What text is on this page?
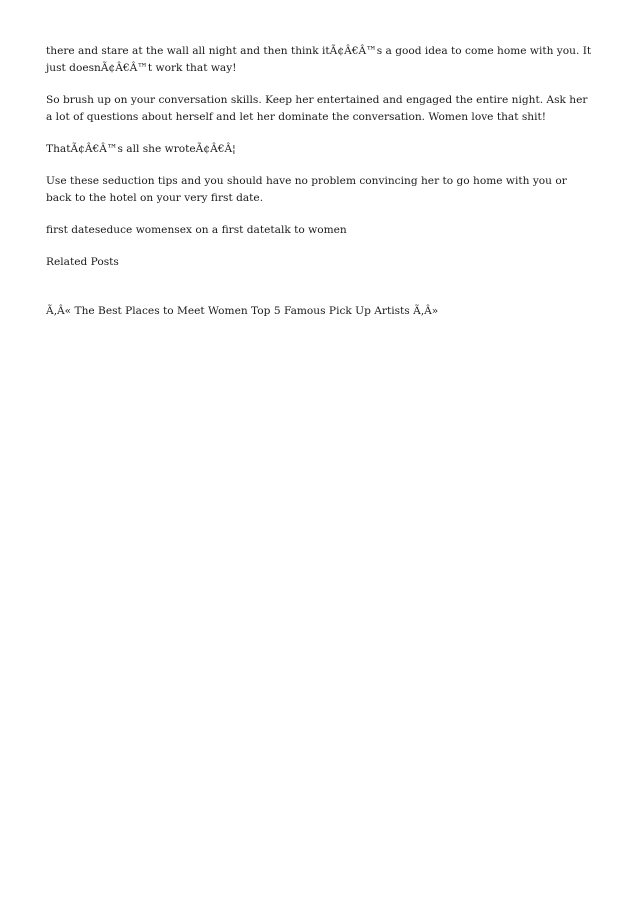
there and stare at the wall all night and then think itÃ¢Â€Â™s a good idea to come home with you. It just doesnÃ¢Â€Â™t work that way!

So brush up on your conversation skills. Keep her entertained and engaged the entire night. Ask her a lot of questions about herself and let her dominate the conversation. Women love that shit!

ThatÃ¢Â€Â™s all she wroteÃ¢Â€Â¦

Use these seduction tips and you should have no problem convincing her to go home with you or back to the hotel on your very first date.

first dateseduce womensex on a first datetalk to women

Related Posts

Ã‚Â« The Best Places to Meet Women Top 5 Famous Pick Up Artists Ã‚Â»
